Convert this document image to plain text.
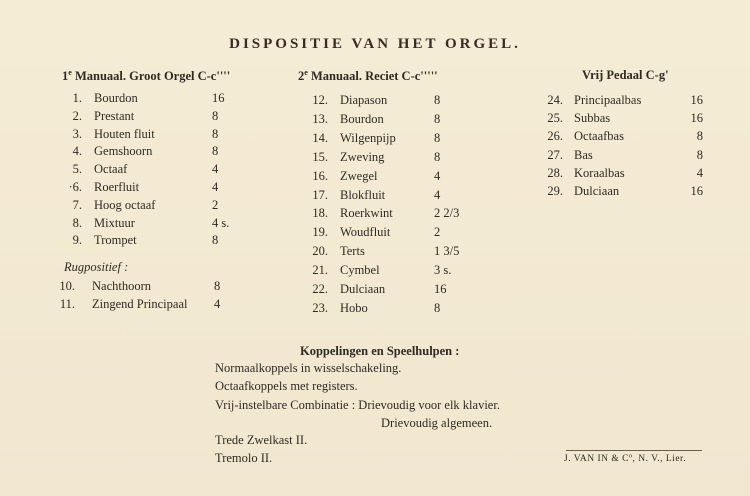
DISPOSITIE VAN HET ORGEL.
1e Manuaal. Groot Orgel C-c''''
1. Bourdon	16
2. Prestant	8
3. Houten fluit	8
4. Gemshoorn	8
5. Octaaf	4
·6. Roerfluit	4
7. Hoog octaaf	2
8. Mixtuur	4 s.
9. Trompet	8
Rugpositief :
10. Nachthoorn	8
11. Zingend Principaal 4
2e Manuaal. Reciet C-c'''''
12. Diapason	8
13. Bourdon	8
14. Wilgenpijp	8
15. Zweving	8
16. Zwegel	4
17. Blokfluit	4
18. Roerkwint	2 2/3
19. Woudfluit	2
20. Terts	1 3/5
21. Cymbel	3 s.
22. Dulciaan	16
23. Hobo	8
Vrij Pedaal C-g'
24. Principaalbas	16
25. Subbas	16
26. Octaafbas	8
27. Bas	8
28. Koraalbas	4
29. Dulciaan	16
Koppelingen en Speelhulpen :
Normaalkoppels in wisselschakeling.
Octaafkoppels met registers.
Vrij-instelbare Combinatie : Drievoudig voor elk klavier.
Drievoudig algemeen.
Trede Zwelkast II.
Tremolo II.	J. VAN IN & Cº, N. V., Lier.
